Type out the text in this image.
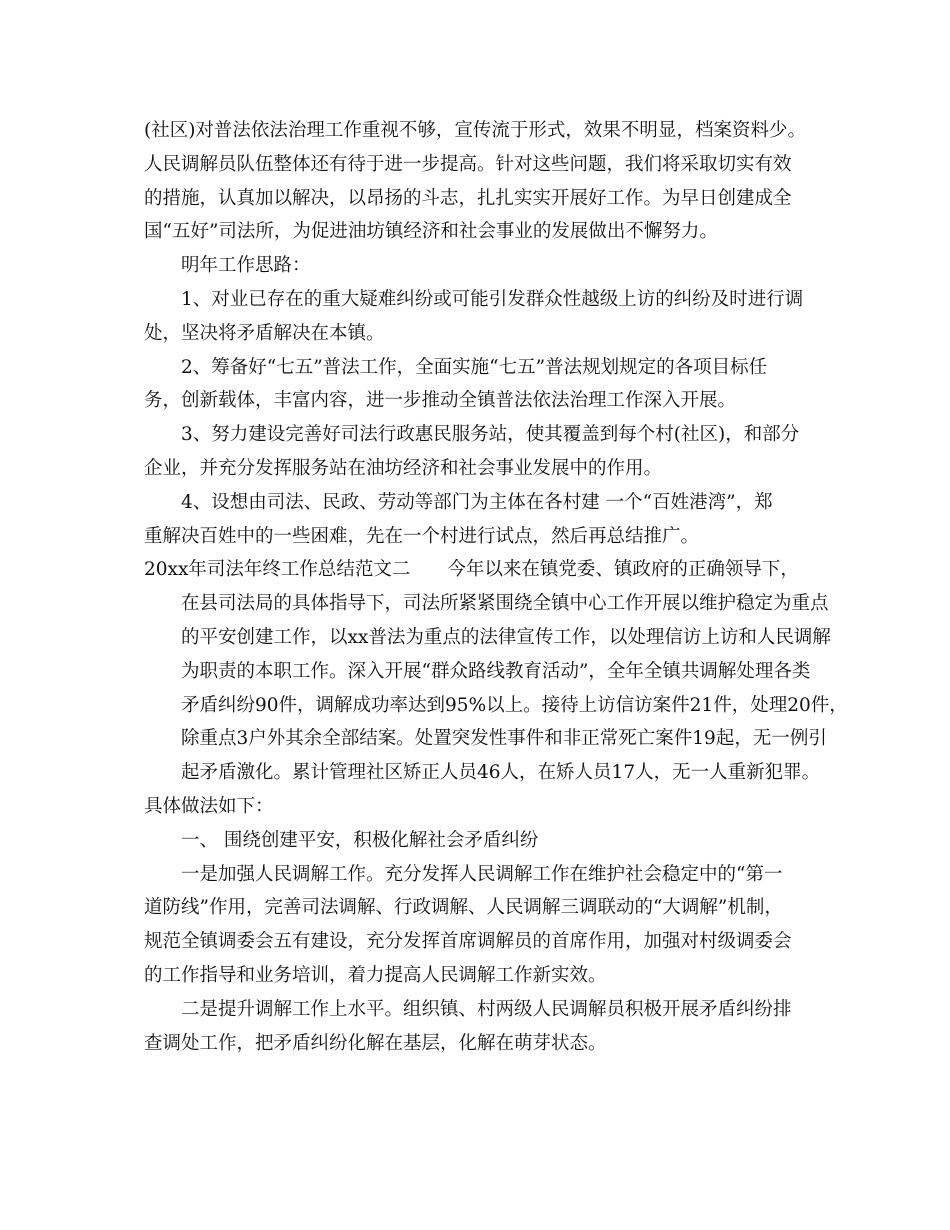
(社区)对普法依法治理工作重视不够，宣传流于形式，效果不明显，档案资料少。
人民调解员队伍整体还有待于进一步提高。针对这些问题，我们将采取切实有效
的措施，认真加以解决，以昂扬的斗志，扎扎实实开展好工作。为早日创建成全
国“五好”司法所，为促进油坊镇经济和社会事业的发展做出不懈努力。
明年工作思路：
1、对业已存在的重大疑难纠纷或可能引发群众性越级上访的纠纷及时进行调
处，坚决将矛盾解决在本镇。
2、筹备好“七五”普法工作，全面实施“七五”普法规划规定的各项目标任
务，创新载体，丰富内容，进一步推动全镇普法依法治理工作深入开展。
3、努力建设完善好司法行政惠民服务站，使其覆盖到每个村(社区)，和部分
企业，并充分发挥服务站在油坊经济和社会事业发展中的作用。
4、设想由司法、民政、劳动等部门为主体在各村建 一个“百姓港湾”，郑
重解决百姓中的一些困难，先在一个村进行试点，然后再总结推广。
20xx年司法年终工作总结范文二　　今年以来在镇党委、镇政府的正确领导下，
　　在县司法局的具体指导下，司法所紧紧围绕全镇中心工作开展以维护稳定为重点
　　的平安创建工作，以xx普法为重点的法律宣传工作，以处理信访上访和人民调解
　　为职责的本职工作。深入开展“群众路线教育活动”，全年全镇共调解处理各类
　　矛盾纠纷90件，调解成功率达到95%以上。接待上访信访案件21件，处理20件，
　　除重点3户外其余全部结案。处置突发性事件和非正常死亡案件19起，无一例引
　　起矛盾激化。累计管理社区矫正人员46人，在矫人员17人，无一人重新犯罪。
具体做法如下：
一、 围绕创建平安，积极化解社会矛盾纠纷
一是加强人民调解工作。充分发挥人民调解工作在维护社会稳定中的“第一
道防线”作用，完善司法调解、行政调解、人民调解三调联动的“大调解”机制，
规范全镇调委会五有建设，充分发挥首席调解员的首席作用，加强对村级调委会
的工作指导和业务培训，着力提高人民调解工作新实效。
二是提升调解工作上水平。组织镇、村两级人民调解员积极开展矛盾纠纷排
查调处工作，把矛盾纠纷化解在基层，化解在萌芽状态。
